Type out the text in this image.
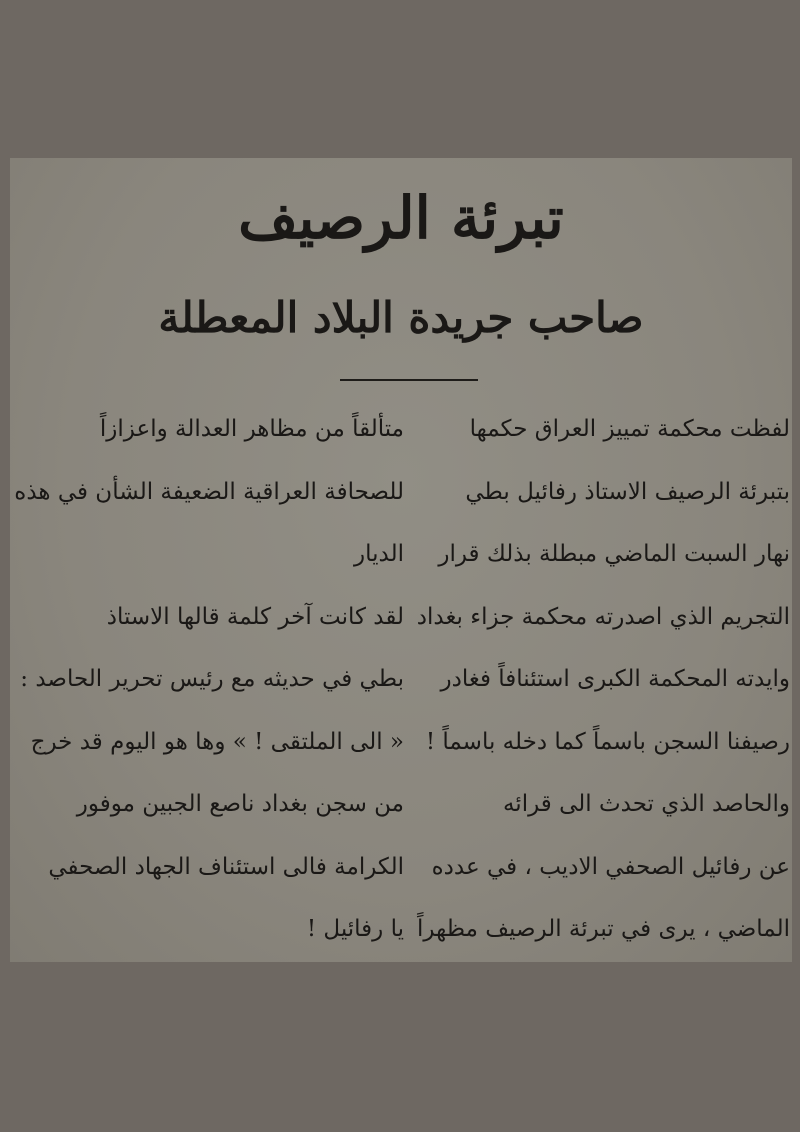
تبرئة الرصيف
صاحب جريدة البلاد المعطلة
لفظت محكمة تمييز العراق حكمها
بتبرئة الرصيف الاستاذ رفائيل بطي
نهار السبت الماضي مبطلة بذلك قرار
التجريم الذي اصدرته محكمة جزاء بغداد
وايدته المحكمة الكبرى استئنافاً فغادر
رصيفنا السجن باسماً كما دخله باسماً !
والحاصد الذي تحدث الى قرائه
عن رفائيل الصحفي الاديب ، في عدده
الماضي ، يرى في تبرئة الرصيف مظهراً
متألقاً من مظاهر العدالة واعزازاً
للصحافة العراقية الضعيفة الشأن في هذه
الديار
لقد كانت آخر كلمة قالها الاستاذ
بطي في حديثه مع رئيس تحرير الحاصد :
« الى الملتقى ! » وها هو اليوم قد خرج
من سجن بغداد ناصع الجبين موفور
الكرامة فالى استئناف الجهاد الصحفي
يا رفائيل !
